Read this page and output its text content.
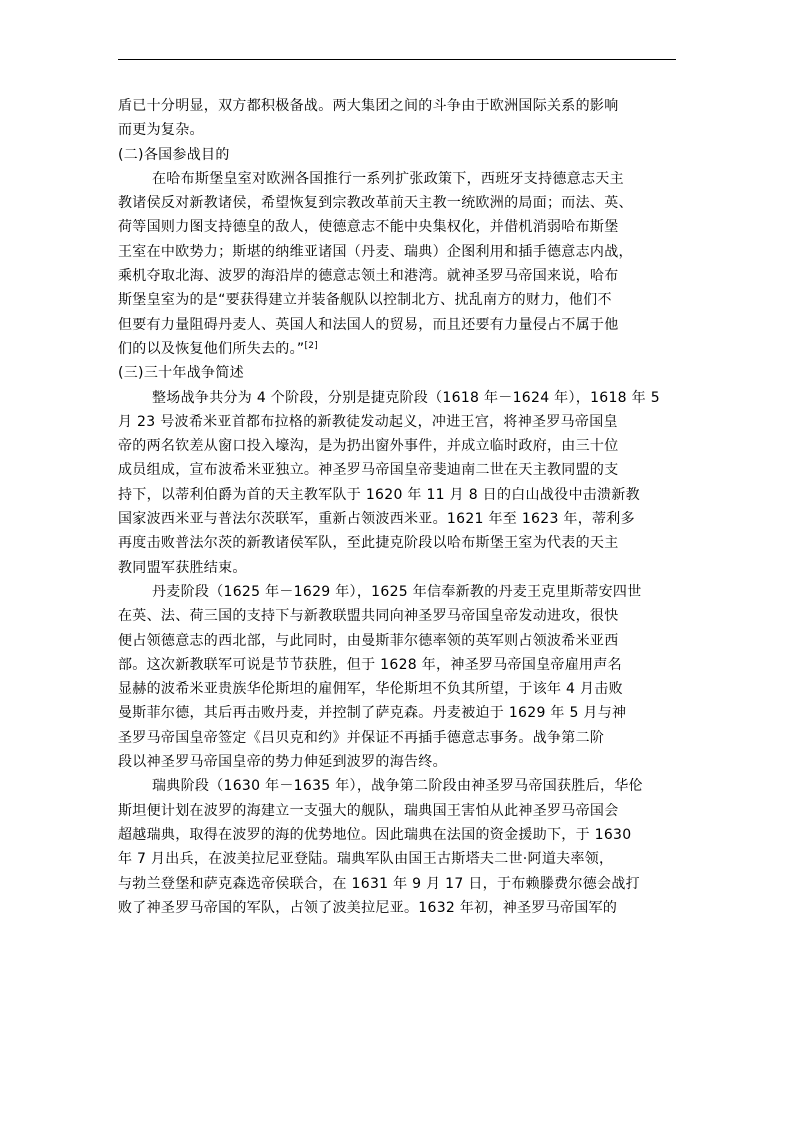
盾已十分明显，双方都积极备战。两大集团之间的斗争由于欧洲国际关系的影响
而更为复杂。
(二)各国参战目的
在哈布斯堡皇室对欧洲各国推行一系列扩张政策下，西班牙支持德意志天主
教诸侯反对新教诸侯，希望恢复到宗教改革前天主教一统欧洲的局面；而法、英、
荷等国则力图支持德皇的敌人，使德意志不能中央集权化，并借机消弱哈布斯堡
王室在中欧势力；斯堪的纳维亚诸国（丹麦、瑞典）企图利用和插手德意志内战，
乘机夺取北海、波罗的海沿岸的德意志领土和港湾。就神圣罗马帝国来说，哈布
斯堡皇室为的是“要获得建立并装备舰队以控制北方、扰乱南方的财力，他们不
但要有力量阻碍丹麦人、英国人和法国人的贸易，而且还要有力量侵占不属于他
们的以及恢复他们所失去的。”[2]
(三)三十年战争简述
整场战争共分为 4 个阶段，分别是捷克阶段（1618 年－1624 年），1618 年 5
月 23 号波希米亚首都布拉格的新教徒发动起义，冲进王宫，将神圣罗马帝国皇
帝的两名钦差从窗口投入壕沟，是为扔出窗外事件，并成立临时政府，由三十位
成员组成，宣布波希米亚独立。神圣罗马帝国皇帝斐迪南二世在天主教同盟的支
持下，以蒂利伯爵为首的天主教军队于 1620 年 11 月 8 日的白山战役中击溃新教
国家波西米亚与普法尔茨联军，重新占领波西米亚。1621 年至 1623 年，蒂利多
再度击败普法尔茨的新教诸侯军队，至此捷克阶段以哈布斯堡王室为代表的天主
教同盟军获胜结束。
丹麦阶段（1625 年－1629 年），1625 年信奉新教的丹麦王克里斯蒂安四世
在英、法、荷三国的支持下与新教联盟共同向神圣罗马帝国皇帝发动进攻，很快
便占领德意志的西北部，与此同时，由曼斯菲尔德率领的英军则占领波希米亚西
部。这次新教联军可说是节节获胜，但于 1628 年，神圣罗马帝国皇帝雇用声名
显赫的波希米亚贵族华伦斯坦的雇佣军，华伦斯坦不负其所望，于该年 4 月击败
曼斯菲尔德，其后再击败丹麦，并控制了萨克森。丹麦被迫于 1629 年 5 月与神
圣罗马帝国皇帝签定《吕贝克和约》并保证不再插手德意志事务。战争第二阶
段以神圣罗马帝国皇帝的势力伸延到波罗的海告终。
瑞典阶段（1630 年－1635 年），战争第二阶段由神圣罗马帝国获胜后，华伦
斯坦便计划在波罗的海建立一支强大的舰队，瑞典国王害怕从此神圣罗马帝国会
超越瑞典，取得在波罗的海的优势地位。因此瑞典在法国的资金援助下，于 1630
年 7 月出兵，在波美拉尼亚登陆。瑞典军队由国王古斯塔夫二世·阿道夫率领，
与勃兰登堡和萨克森选帝侯联合，在 1631 年 9 月 17 日，于布赖滕费尔德会战打
败了神圣罗马帝国的军队，占领了波美拉尼亚。1632 年初，神圣罗马帝国军的
